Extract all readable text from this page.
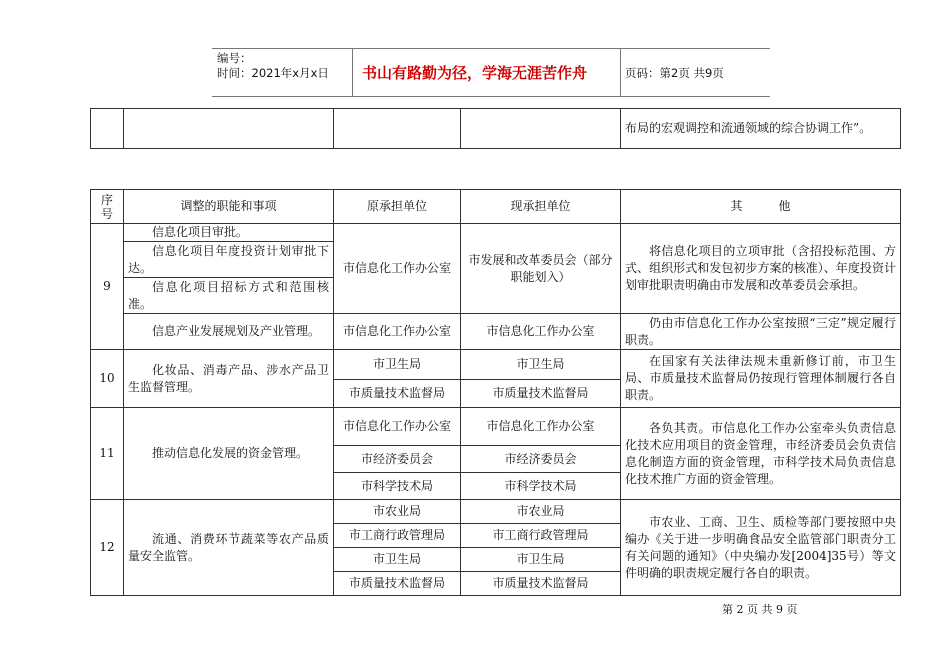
编号：
时间：2021年x月x日 书山有路勤为径，学海无涯苦作舟	页码：第2页 共9页
				布局的宏观调控和流通领域的综合协调工作”。
序号	调整的职能和事项	原承担单位	现承担单位	其　　　他
9	信息化项目审批。	市信息化工作办公室	市发展和改革委员会（部分职能划入）	将信息化项目的立项审批（含招投标范围、方式、组织形式和发包初步方案的核准）、年度投资计划审批职责明确由市发展和改革委员会承担。
	信息化项目年度投资计划审批下达。			
	信息化项目招标方式和范围核准。			
	信息产业发展规划及产业管理。	市信息化工作办公室	市信息化工作办公室	仍由市信息化工作办公室按照“三定”规定履行职责。
10	化妆品、消毒产品、涉水产品卫生监督管理。	市卫生局	市卫生局	在国家有关法律法规未重新修订前，市卫生局、市质量技术监督局仍按现行管理体制履行各自职责。
		市质量技术监督局	市质量技术监督局	
11	推动信息化发展的资金管理。	市信息化工作办公室	市信息化工作办公室	各负其责。市信息化工作办公室牵头负责信息化技术应用项目的资金管理，市经济委员会负责信息化制造方面的资金管理，市科学技术局负责信息化技术推广方面的资金管理。
		市经济委员会	市经济委员会	
		市科学技术局	市科学技术局	
12	流通、消费环节蔬菜等农产品质量安全监管。	市农业局	市农业局	市农业、工商、卫生、质检等部门要按照中央编办《关于进一步明确食品安全监管部门职责分工有关问题的通知》（中央编办发[2004]35号）等文件明确的职责规定履行各自的职责。
		市工商行政管理局	市工商行政管理局	
		市卫生局	市卫生局	
		市质量技术监督局	市质量技术监督局	
第 2 页 共 9 页
